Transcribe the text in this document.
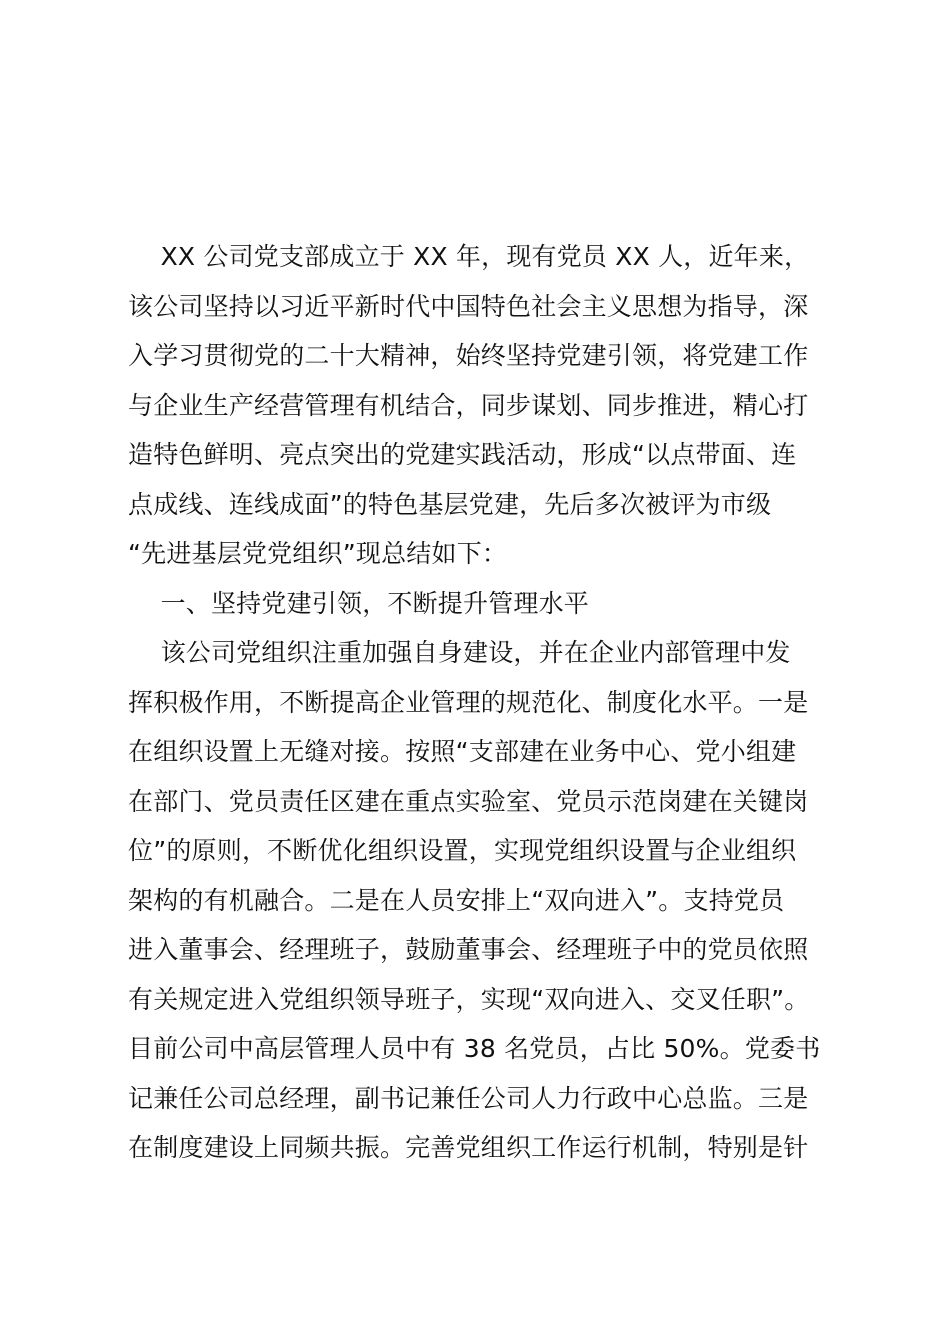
XX 公司党支部成立于 XX 年，现有党员 XX 人，近年来，
该公司坚持以习近平新时代中国特色社会主义思想为指导，深
入学习贯彻党的二十大精神，始终坚持党建引领，将党建工作
与企业生产经营管理有机结合，同步谋划、同步推进，精心打
造特色鲜明、亮点突出的党建实践活动，形成“以点带面、连
点成线、连线成面”的特色基层党建，先后多次被评为市级
“先进基层党党组织”现总结如下：
一、坚持党建引领，不断提升管理水平
该公司党组织注重加强自身建设，并在企业内部管理中发
挥积极作用，不断提高企业管理的规范化、制度化水平。一是
在组织设置上无缝对接。按照“支部建在业务中心、党小组建
在部门、党员责任区建在重点实验室、党员示范岗建在关键岗
位”的原则，不断优化组织设置，实现党组织设置与企业组织
架构的有机融合。二是在人员安排上“双向进入”。支持党员
进入董事会、经理班子，鼓励董事会、经理班子中的党员依照
有关规定进入党组织领导班子，实现“双向进入、交叉任职”。
目前公司中高层管理人员中有 38 名党员，占比 50%。党委书
记兼任公司总经理，副书记兼任公司人力行政中心总监。三是
在制度建设上同频共振。完善党组织工作运行机制，特别是针
